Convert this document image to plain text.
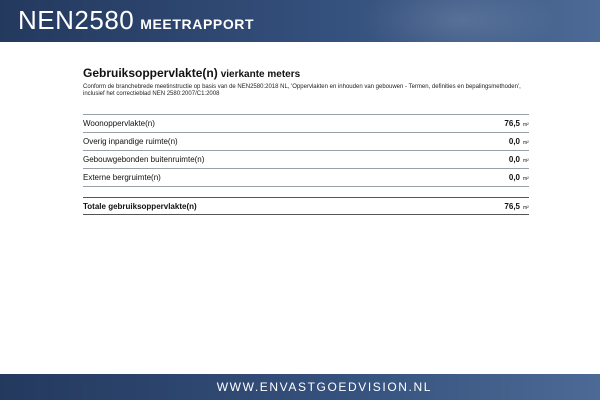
NEN2580 MEETRAPPORT
Gebruiksoppervlakte(n) vierkante meters
Conform de branchebrede meetinstructie op basis van de NEN2580:2018 NL, 'Oppervlakten en inhouden van gebouwen - Termen, definities en bepalingsmethoden', inclusief het correctieblad NEN 2580:2007/C1:2008
Woonoppervlakte(n)	76,5 m²
Overig inpandige ruimte(n)	0,0 m²
Gebouwgebonden buitenruimte(n)	0,0 m²
Externe bergruimte(n)	0,0 m²
Totale gebruiksoppervlakte(n)	76,5 m²
WWW.ENVASTGOEDVISION.NL
